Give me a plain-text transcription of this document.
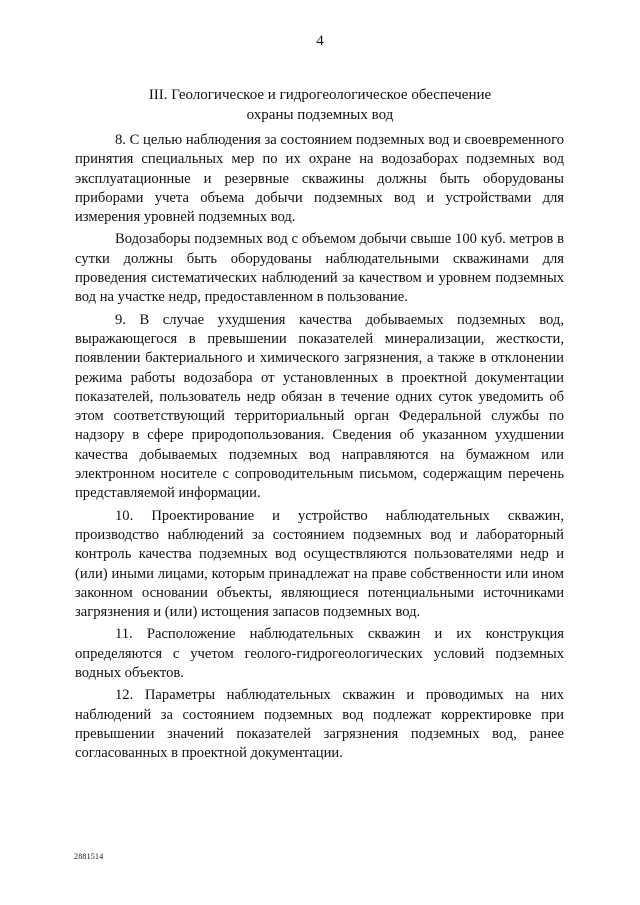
4
III. Геологическое и гидрогеологическое обеспечение
охраны подземных вод

8. С целью наблюдения за состоянием подземных вод и своевременного принятия специальных мер по их охране на водозаборах подземных вод эксплуатационные и резервные скважины должны быть оборудованы приборами учета объема добычи подземных вод и устройствами для измерения уровней подземных вод.

Водозаборы подземных вод с объемом добычи свыше 100 куб. метров в сутки должны быть оборудованы наблюдательными скважинами для проведения систематических наблюдений за качеством и уровнем подземных вод на участке недр, предоставленном в пользование.

9. В случае ухудшения качества добываемых подземных вод, выражающегося в превышении показателей минерализации, жесткости, появлении бактериального и химического загрязнения, а также в отклонении режима работы водозабора от установленных в проектной документации показателей, пользователь недр обязан в течение одних суток уведомить об этом соответствующий территориальный орган Федеральной службы по надзору в сфере природопользования. Сведения об указанном ухудшении качества добываемых подземных вод направляются на бумажном или электронном носителе с сопроводительным письмом, содержащим перечень представляемой информации.

10. Проектирование и устройство наблюдательных скважин, производство наблюдений за состоянием подземных вод и лабораторный контроль качества подземных вод осуществляются пользователями недр и (или) иными лицами, которым принадлежат на праве собственности или ином законном основании объекты, являющиеся потенциальными источниками загрязнения и (или) истощения запасов подземных вод.

11. Расположение наблюдательных скважин и их конструкция определяются с учетом геолого-гидрогеологических условий подземных водных объектов.

12. Параметры наблюдательных скважин и проводимых на них наблюдений за состоянием подземных вод подлежат корректировке при превышении значений показателей загрязнения подземных вод, ранее согласованных в проектной документации.

2881514
